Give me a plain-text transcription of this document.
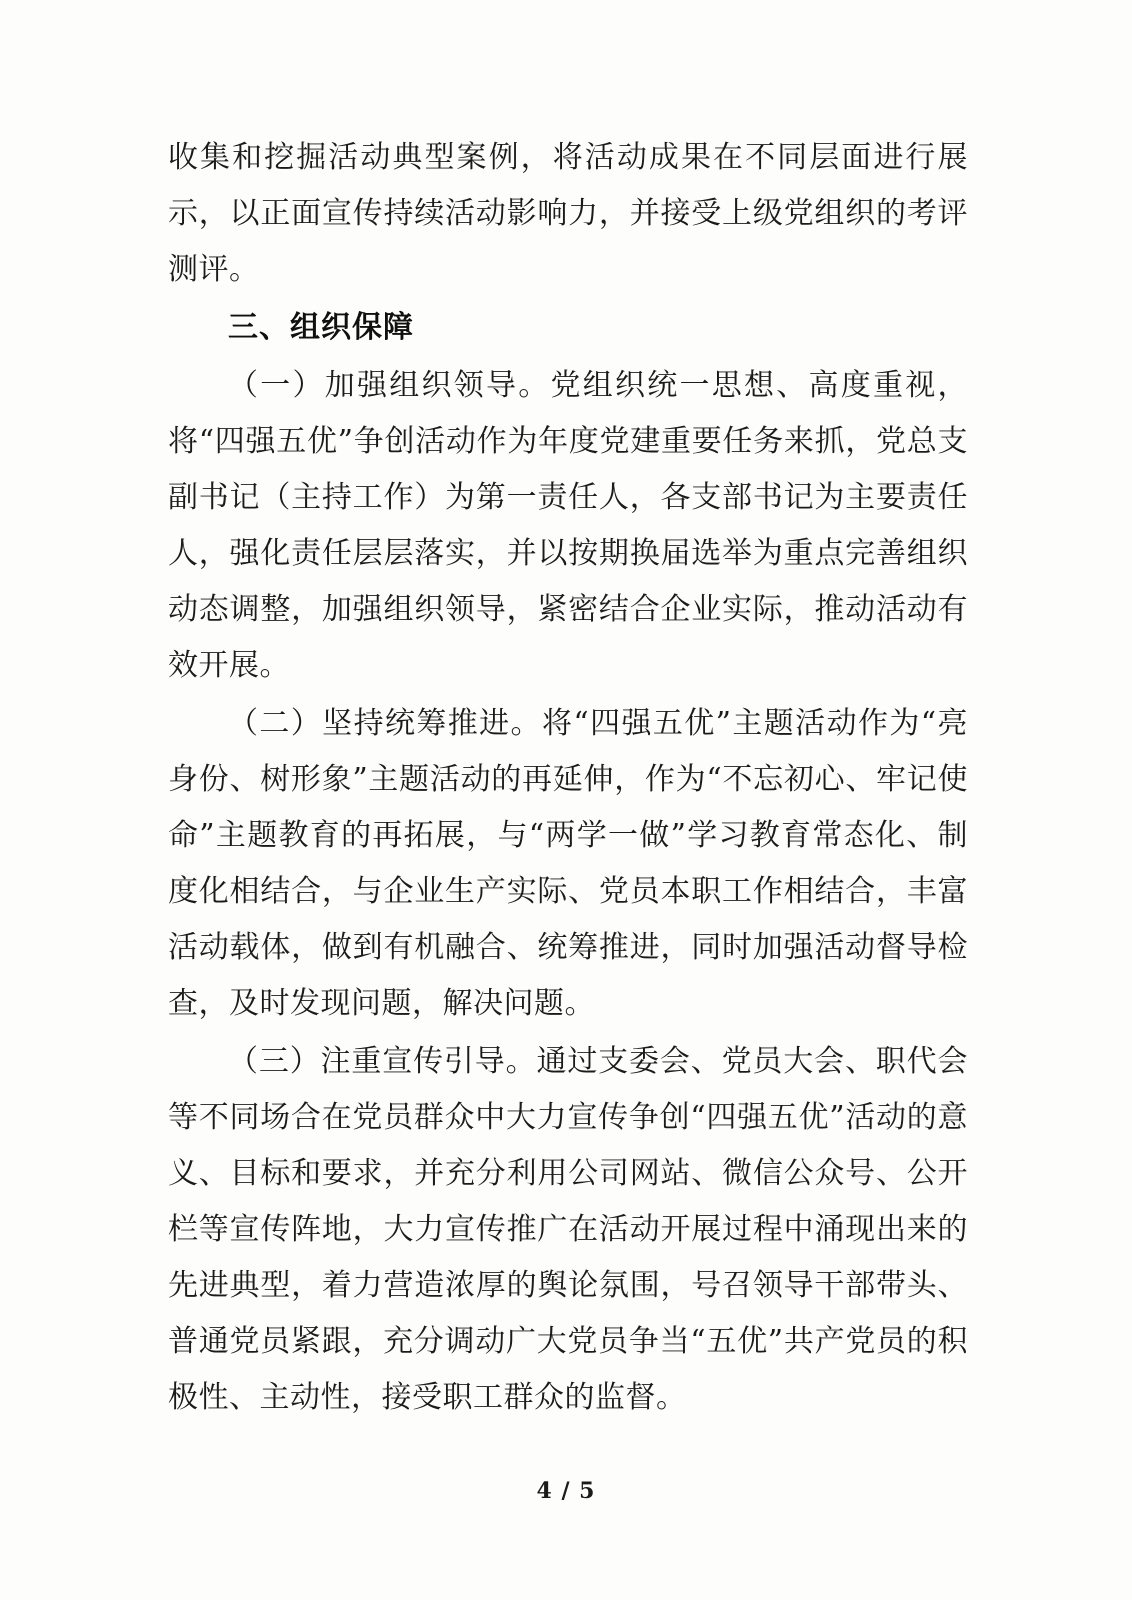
收集和挖掘活动典型案例，将活动成果在不同层面进行展示，以正面宣传持续活动影响力，并接受上级党组织的考评测评。

三、组织保障

（一）加强组织领导。党组织统一思想、高度重视，将“四强五优”争创活动作为年度党建重要任务来抓，党总支副书记（主持工作）为第一责任人，各支部书记为主要责任人，强化责任层层落实，并以按期换届选举为重点完善组织动态调整，加强组织领导，紧密结合企业实际，推动活动有效开展。

（二）坚持统筹推进。将“四强五优”主题活动作为“亮身份、树形象”主题活动的再延伸，作为“不忘初心、牢记使命”主题教育的再拓展，与“两学一做”学习教育常态化、制度化相结合，与企业生产实际、党员本职工作相结合，丰富活动载体，做到有机融合、统筹推进，同时加强活动督导检查，及时发现问题，解决问题。

（三）注重宣传引导。通过支委会、党员大会、职代会等不同场合在党员群众中大力宣传争创“四强五优”活动的意义、目标和要求，并充分利用公司网站、微信公众号、公开栏等宣传阵地，大力宣传推广在活动开展过程中涌现出来的先进典型，着力营造浓厚的舆论氛围，号召领导干部带头、普通党员紧跟，充分调动广大党员争当“五优”共产党员的积极性、主动性，接受职工群众的监督。

4 / 5
